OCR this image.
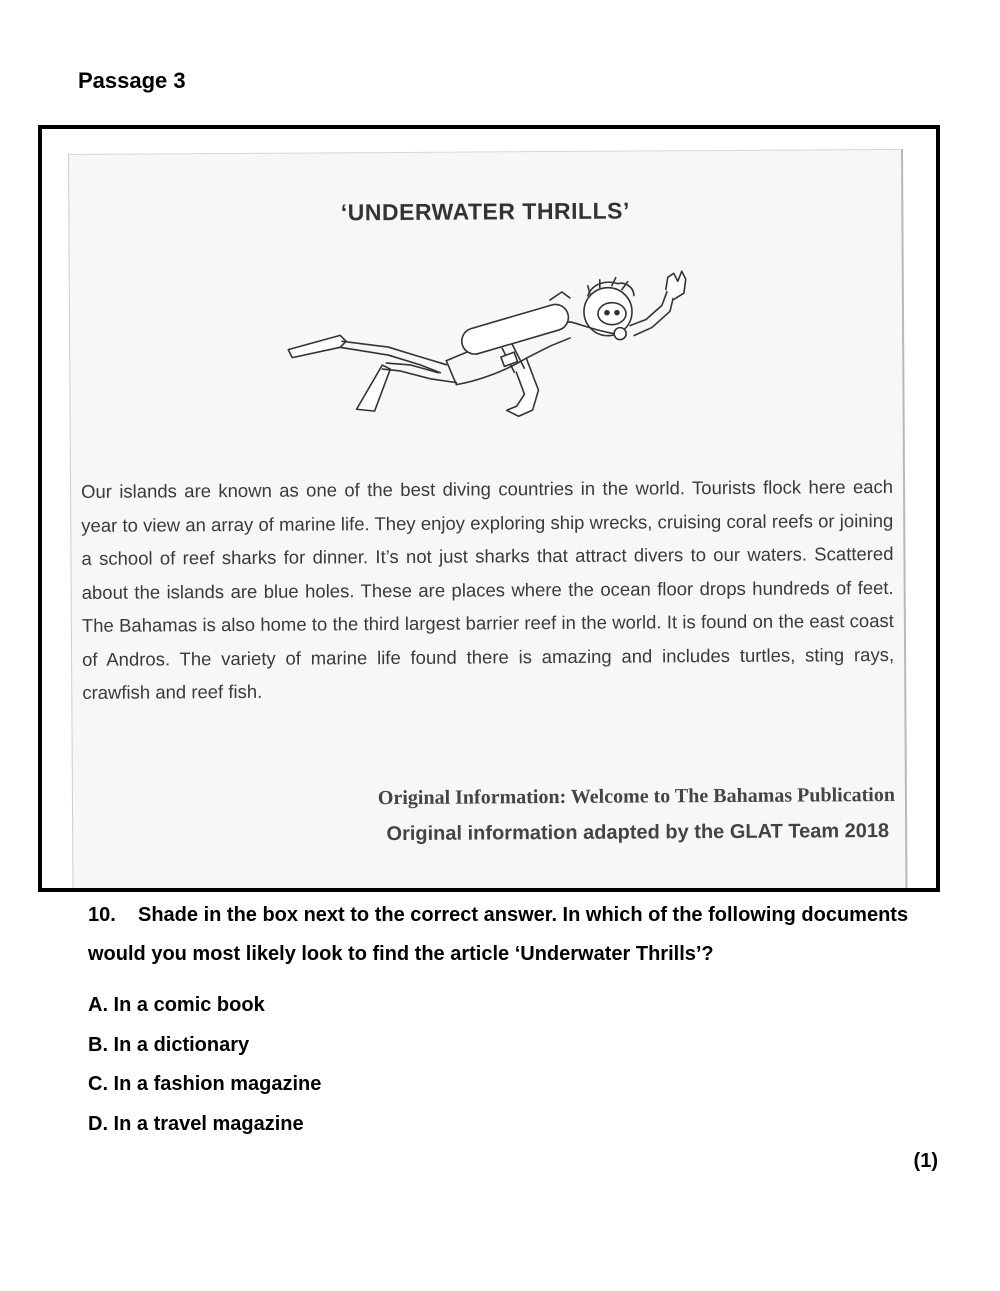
Passage 3
‘UNDERWATER THRILLS’

Our islands are known as one of the best diving countries in the world. Tourists flock here each year to view an array of marine life. They enjoy exploring ship wrecks, cruising coral reefs or joining a school of reef sharks for dinner. It’s not just sharks that attract divers to our waters. Scattered about the islands are blue holes. These are places where the ocean floor drops hundreds of feet. The Bahamas is also home to the third largest barrier reef in the world. It is found on the east coast of Andros. The variety of marine life found there is amazing and includes turtles, sting rays, crawfish and reef fish.

Original Information: Welcome to The Bahamas Publication
Original information adapted by the GLAT Team 2018

10. Shade in the box next to the correct answer. In which of the following documents would you most likely look to find the article ‘Underwater Thrills’?

A. In a comic book
B. In a dictionary
C. In a fashion magazine
D. In a travel magazine
(1)
